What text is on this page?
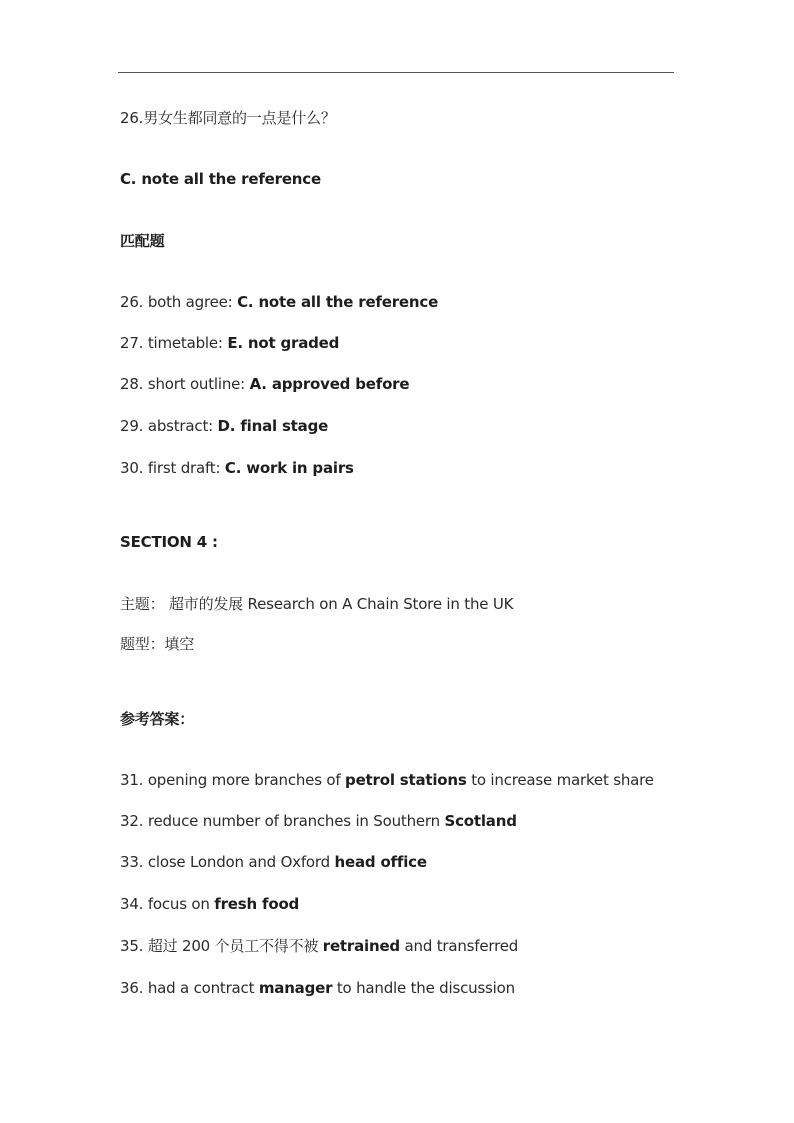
26.男女生都同意的一点是什么？
C. note all the reference
匹配题
26. both agree: C. note all the reference
27. timetable: E. not graded
28. short outline: A. approved before
29. abstract: D. final stage
30. first draft: C. work in pairs
SECTION 4 :
主题： 超市的发展 Research on A Chain Store in the UK
题型：填空
参考答案：
31. opening more branches of petrol stations to increase market share
32. reduce number of branches in Southern Scotland
33. close London and Oxford head office
34. focus on fresh food
35. 超过 200 个员工不得不被 retrained and transferred
36. had a contract manager to handle the discussion
